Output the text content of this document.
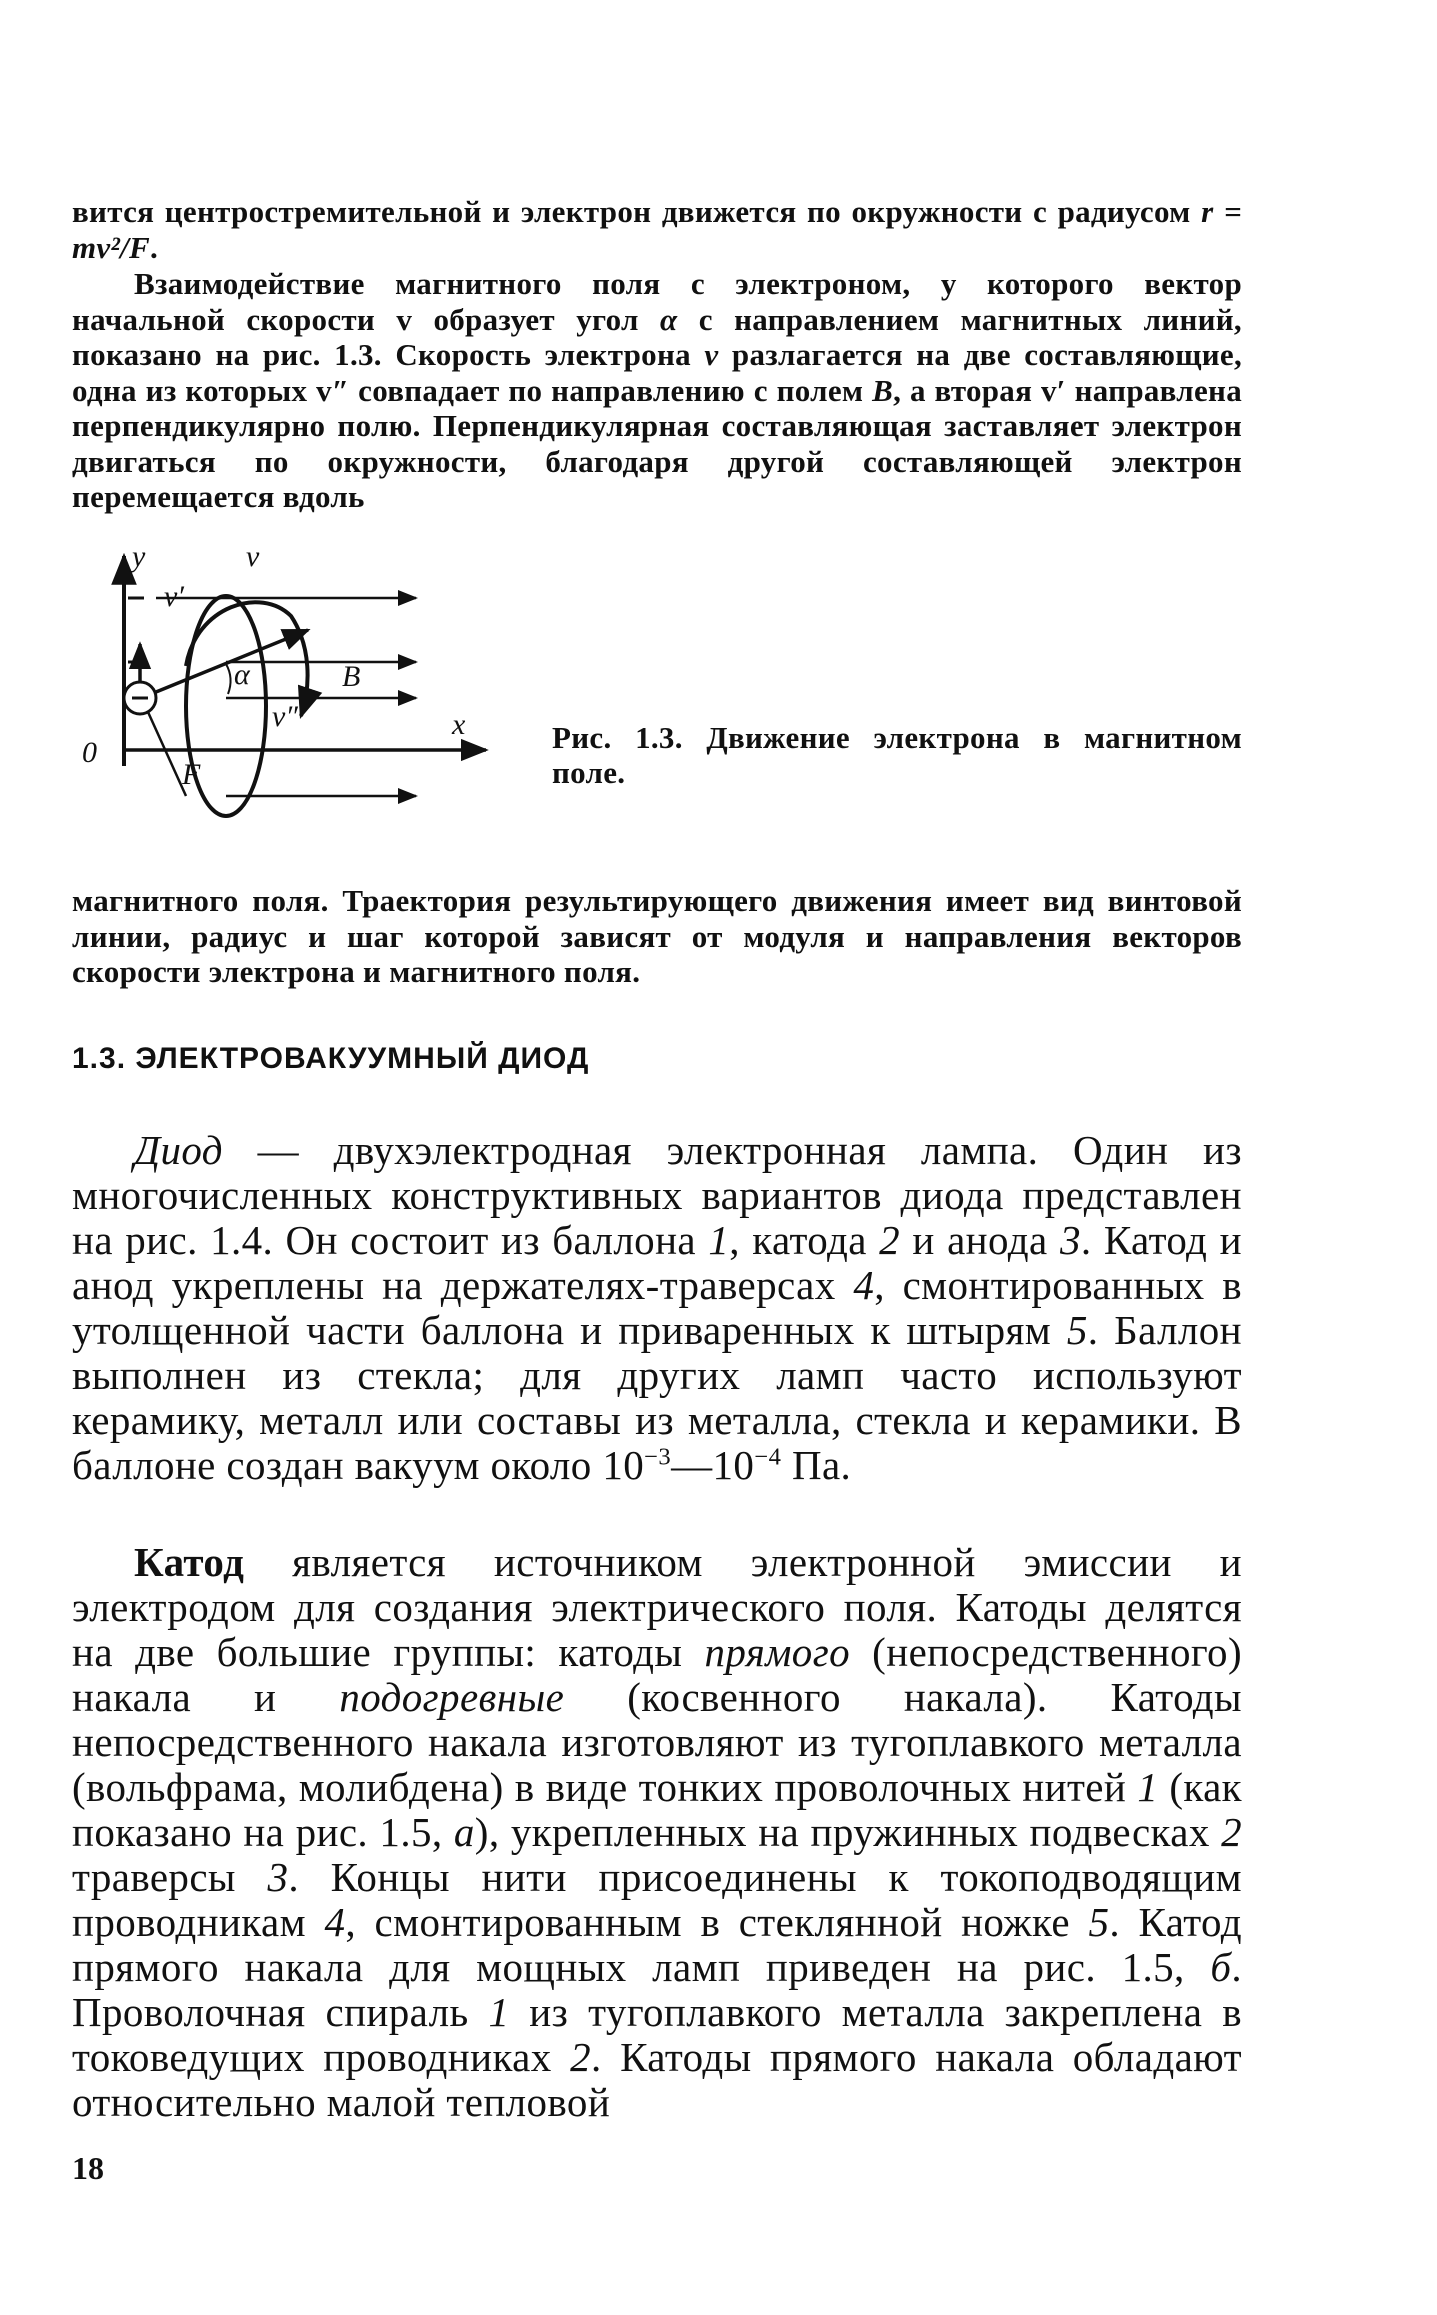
вится центростремительной и электрон движется по окружности с радиусом r = mv²/F.

Взаимодействие магнитного поля с электроном, у которого вектор начальной скорости v образует угол α с направлением магнитных линий, показано на рис. 1.3. Скорость электрона v разлагается на две составляющие, одна из которых v″ совпадает по направлению с полем B, а вторая v′ направлена перпендикулярно полю. Перпендикулярная составляющая заставляет электрон двигаться по окружности, благодаря другой составляющей электрон перемещается вдоль

y	v
v′
α	B
v″	x
0
F

Рис. 1.3. Движение электрона в магнитном поле.

магнитного поля. Траектория результирующего движения имеет вид винтовой линии, радиус и шаг которой зависят от модуля и направления векторов скорости электрона и магнитного поля.

1.3. ЭЛЕКТРОВАКУУМНЫЙ ДИОД

Диод — двухэлектродная электронная лампа. Один из многочисленных конструктивных вариантов диода представлен на рис. 1.4. Он состоит из баллона 1, катода 2 и анода 3. Катод и анод укреплены на держателях-траверсах 4, смонтированных в утолщенной части баллона и приваренных к штырям 5. Баллон выполнен из стекла; для других ламп часто используют керамику, металл или составы из металла, стекла и керамики. В баллоне создан вакуум около $10^{-3}—10^{-4}$ Па.

Катод является источником электронной эмиссии и электродом для создания электрического поля. Катоды делятся на две большие группы: катоды прямого (непосредственного) накала и подогревные (косвенного накала). Катоды непосредственного накала изготовляют из тугоплавкого металла (вольфрама, молибдена) в виде тонких проволочных нитей 1 (как показано на рис. 1.5, а), укрепленных на пружинных подвесках 2 траверсы 3. Концы нити присоединены к токоподводящим проводникам 4, смонтированным в стеклянной ножке 5. Катод прямого накала для мощных ламп приведен на рис. 1.5, б. Проволочная спираль 1 из тугоплавкого металла закреплена в токоведущих проводниках 2. Катоды прямого накала обладают относительно малой тепловой

18
